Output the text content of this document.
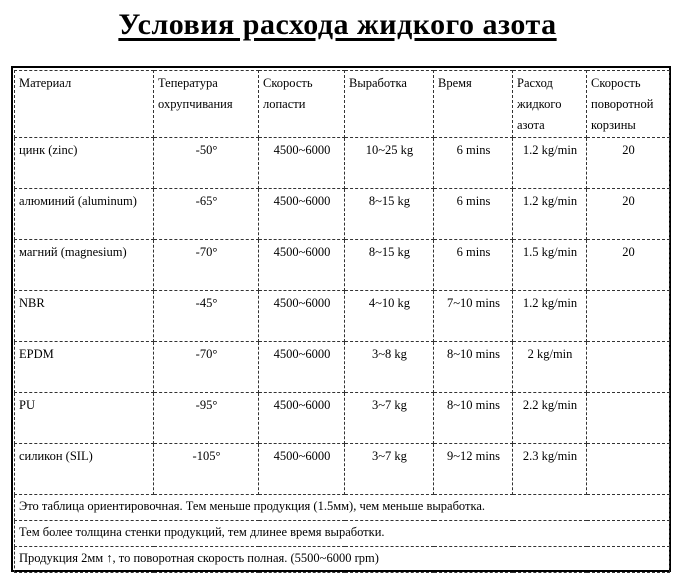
Условия расхода жидкого азота
Материал	Тепература охрупчивания	Скорость лопасти	Выработка	Время	Расход жидкого азота	Скорость поворотной корзины
цинк (zinc)	-50°	4500~6000	10~25 kg	6 mins	1.2 kg/min	20
алюминий (aluminum)	-65°	4500~6000	8~15 kg	6 mins	1.2 kg/min	20
магний (magnesium)	-70°	4500~6000	8~15 kg	6 mins	1.5 kg/min	20
NBR	-45°	4500~6000	4~10 kg	7~10 mins	1.2 kg/min	
EPDM	-70°	4500~6000	3~8 kg	8~10 mins	2 kg/min	
PU	-95°	4500~6000	3~7 kg	8~10 mins	2.2 kg/min	
силикон (SIL)	-105°	4500~6000	3~7 kg	9~12 mins	2.3 kg/min	
Это таблица ориентировочная. Тем меньше продукция (1.5мм), чем меньше выработка.						
Тем более толщина стенки продукций, тем длинее время выработки.						
Продукция 2мм ↑, то поворотная скорость полная. (5500~6000 rpm)						
